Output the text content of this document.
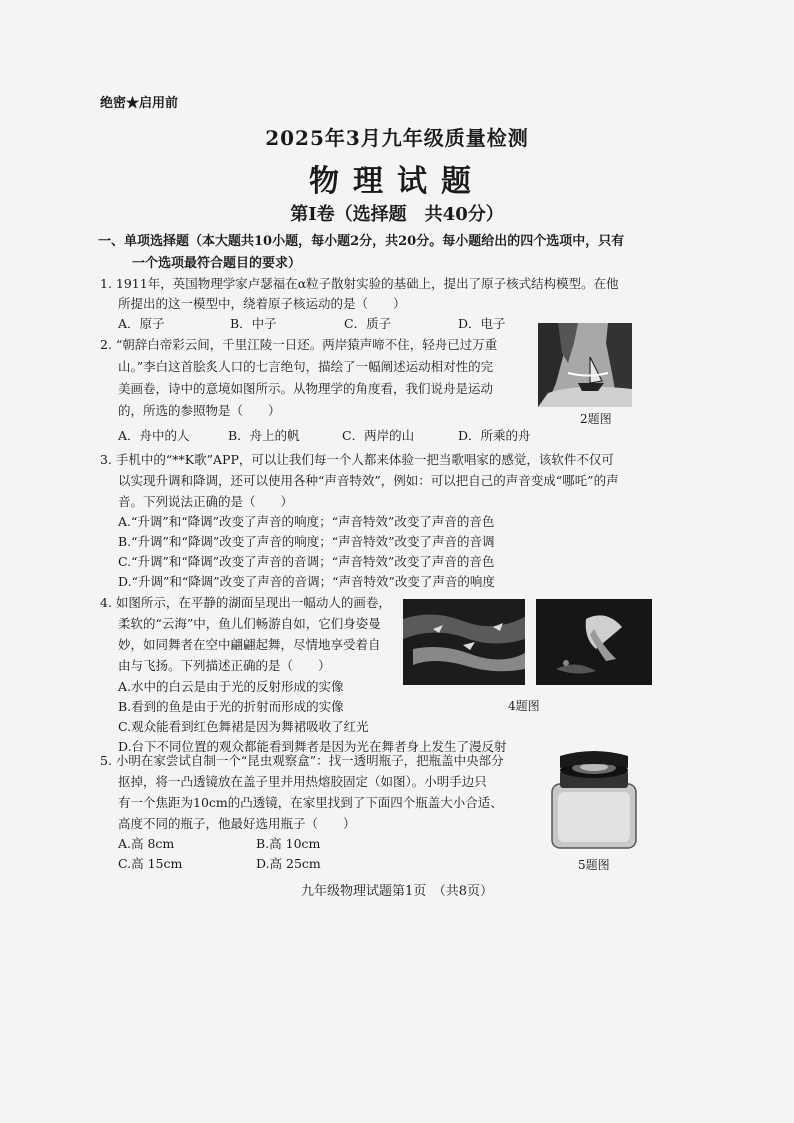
绝密★启用前
2025年3月九年级质量检测
物理试题
第Ⅰ卷（选择题　共40分）
一、单项选择题（本大题共10小题，每小题2分，共20分。每小题给出的四个选项中，只有
一个选项最符合题目的要求）
1. 1911年，英国物理学家卢瑟福在α粒子散射实验的基础上，提出了原子核式结构模型。在他
所提出的这一模型中，绕着原子核运动的是（　　）
A．原子	B．中子	C．质子	D．电子
2. “朝辞白帝彩云间，千里江陵一日还。两岸猿声啼不住，轻舟已过万重
山。”李白这首脍炙人口的七言绝句，描绘了一幅阐述运动相对性的完
美画卷，诗中的意境如图所示。从物理学的角度看，我们说舟是运动
的，所选的参照物是（　　）
A．舟中的人	B．舟上的帆	C．两岸的山	D．所乘的舟
2题图
3. 手机中的“**K歌”APP，可以让我们每一个人都来体验一把当歌唱家的感觉，该软件不仅可
以实现升调和降调，还可以使用各种“声音特效”，例如：可以把自己的声音变成“哪吒”的声
音。下列说法正确的是（　　）
A.“升调”和“降调”改变了声音的响度；“声音特效”改变了声音的音色
B.“升调”和“降调”改变了声音的响度；“声音特效”改变了声音的音调
C.“升调”和“降调”改变了声音的音调；“声音特效”改变了声音的音色
D.“升调”和“降调”改变了声音的音调；“声音特效”改变了声音的响度
4. 如图所示，在平静的湖面呈现出一幅动人的画卷，
柔软的“云海”中，鱼儿们畅游自如，它们身姿曼
妙，如同舞者在空中翩翩起舞，尽情地享受着自
由与飞扬。下列描述正确的是（　　）
A.水中的白云是由于光的反射形成的实像
B.看到的鱼是由于光的折射而形成的实像
C.观众能看到红色舞裙是因为舞裙吸收了红光
D.台下不同位置的观众都能看到舞者是因为光在舞者身上发生了漫反射
4题图
5. 小明在家尝试自制一个“昆虫观察盒”：找一透明瓶子，把瓶盖中央部分
抠掉，将一凸透镜放在盖子里并用热熔胶固定（如图）。小明手边只
有一个焦距为10cm的凸透镜，在家里找到了下面四个瓶盖大小合适、
高度不同的瓶子，他最好选用瓶子（　　）
A.高 8cm	B.高 10cm
C.高 15cm	D.高 25cm	5题图
九年级物理试题第1页　（共8页）
